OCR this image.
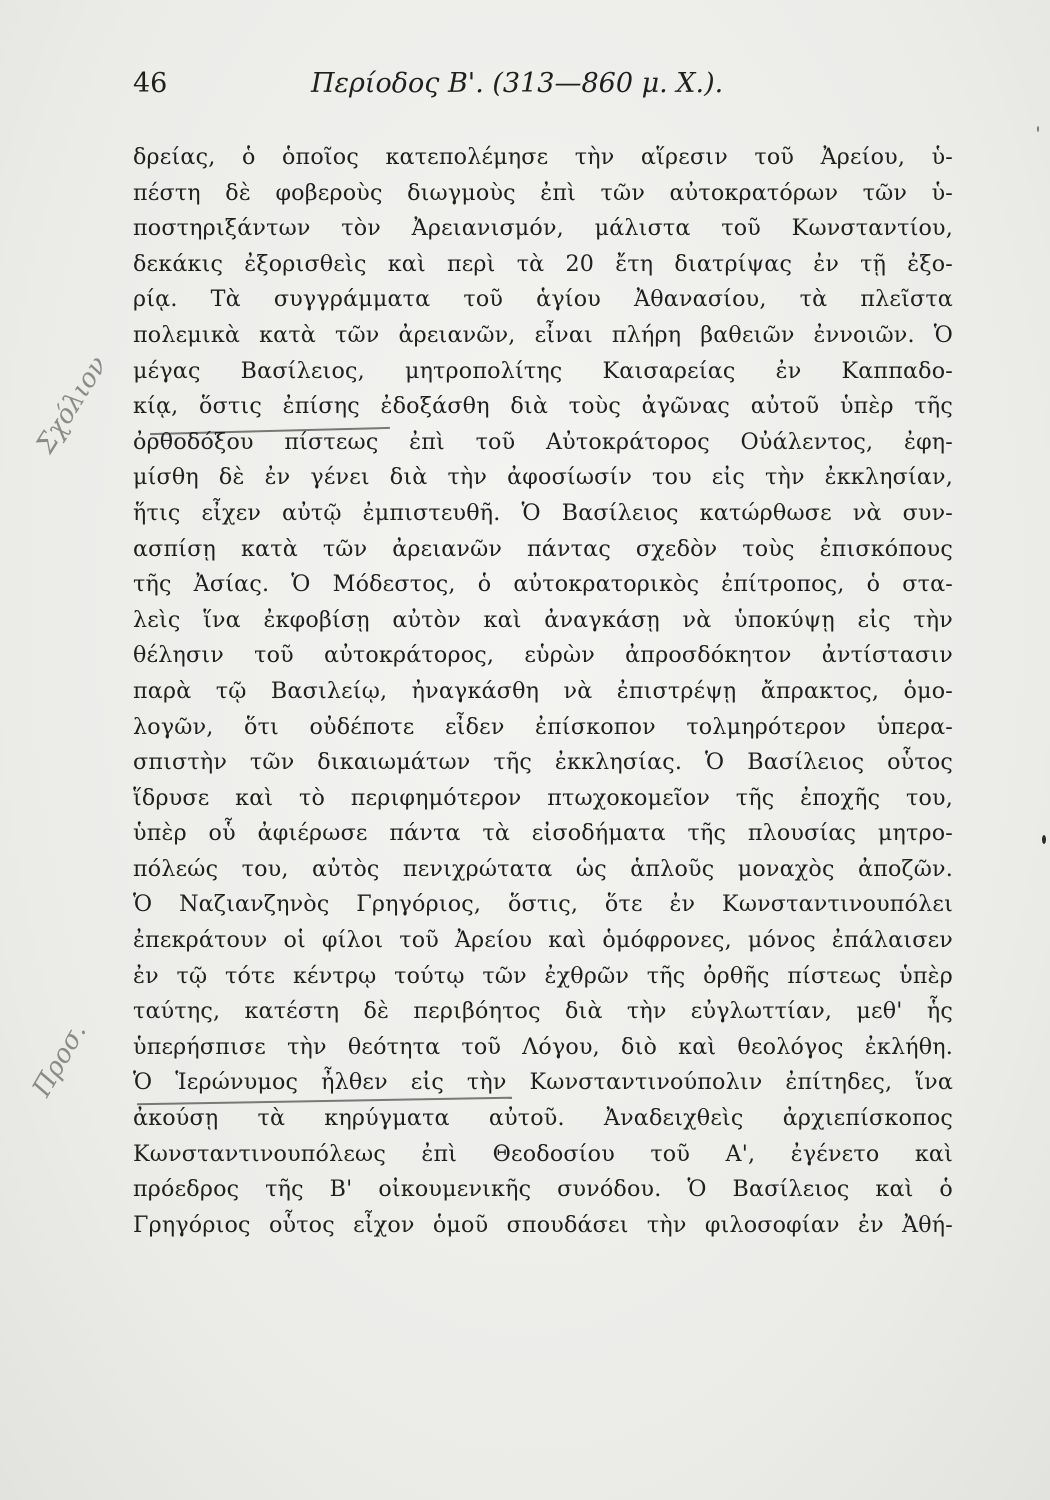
46	Περίοδος Β'. (313—860 μ. Χ.).
Σχόλιον
Προσ.
δρείας, ὁ ὁποῖος κατεπολέμησε τὴν αἵρεσιν τοῦ Ἀρείου, ὑ-
πέστη δὲ φοβεροὺς διωγμοὺς ἐπὶ τῶν αὐτοκρατόρων τῶν ὑ-
ποστηριξάντων τὸν Ἀρειανισμόν, μάλιστα τοῦ Κωνσταντίου,
δεκάκις ἐξορισθεὶς καὶ περὶ τὰ 20 ἔτη διατρίψας ἐν τῇ ἐξο-
ρίᾳ. Τὰ συγγράμματα τοῦ ἁγίου Ἀθανασίου, τὰ πλεῖστα
πολεμικὰ κατὰ τῶν ἀρειανῶν, εἶναι πλήρη βαθειῶν ἐννοιῶν. Ὁ
μέγας Βασίλειος, μητροπολίτης Καισαρείας ἐν Καππαδο-
κίᾳ, ὅστις ἐπίσης ἐδοξάσθη διὰ τοὺς ἀγῶνας αὐτοῦ ὑπὲρ τῆς
ὀρθοδόξου πίστεως ἐπὶ τοῦ Αὐτοκράτορος Οὐάλεντος, ἐφη-
μίσθη δὲ ἐν γένει διὰ τὴν ἀφοσίωσίν του εἰς τὴν ἐκκλησίαν,
ἥτις εἶχεν αὐτῷ ἐμπιστευθῆ. Ὁ Βασίλειος κατώρθωσε νὰ συν-
ασπίσῃ κατὰ τῶν ἀρειανῶν πάντας σχεδὸν τοὺς ἐπισκόπους
τῆς Ἀσίας. Ὁ Μόδεστος, ὁ αὐτοκρατορικὸς ἐπίτροπος, ὁ στα-
λεὶς ἵνα ἐκφοβίσῃ αὐτὸν καὶ ἀναγκάσῃ νὰ ὑποκύψῃ εἰς τὴν
θέλησιν τοῦ αὐτοκράτορος, εὑρὼν ἀπροσδόκητον ἀντίστασιν
παρὰ τῷ Βασιλείῳ, ἠναγκάσθη νὰ ἐπιστρέψῃ ἄπρακτος, ὁμο-
λογῶν, ὅτι οὐδέποτε εἶδεν ἐπίσκοπον τολμηρότερον ὑπερα-
σπιστὴν τῶν δικαιωμάτων τῆς ἐκκλησίας. Ὁ Βασίλειος οὗτος
ἵδρυσε καὶ τὸ περιφημότερον πτωχοκομεῖον τῆς ἐποχῆς του,
ὑπὲρ οὗ ἀφιέρωσε πάντα τὰ εἰσοδήματα τῆς πλουσίας μητρο-
πόλεώς του, αὐτὸς πενιχρώτατα ὡς ἁπλοῦς μοναχὸς ἀποζῶν.
Ὁ Ναζιανζηνὸς Γρηγόριος, ὅστις, ὅτε ἐν Κωνσταντινουπόλει
ἐπεκράτουν οἱ φίλοι τοῦ Ἀρείου καὶ ὁμόφρονες, μόνος ἐπάλαισεν
ἐν τῷ τότε κέντρῳ τούτῳ τῶν ἐχθρῶν τῆς ὀρθῆς πίστεως ὑπὲρ
ταύτης, κατέστη δὲ περιβόητος διὰ τὴν εὐγλωττίαν, μεθ' ἧς
ὑπερήσπισε τὴν θεότητα τοῦ Λόγου, διὸ καὶ θεολόγος ἐκλήθη.
Ὁ Ἱερώνυμος ἦλθεν εἰς τὴν Κωνσταντινούπολιν ἐπίτηδες, ἵνα
ἀκούσῃ τὰ κηρύγματα αὐτοῦ. Ἀναδειχθεὶς ἀρχιεπίσκοπος
Κωνσταντινουπόλεως ἐπὶ Θεοδοσίου τοῦ Α', ἐγένετο καὶ
πρόεδρος τῆς Β' οἰκουμενικῆς συνόδου. Ὁ Βασίλειος καὶ ὁ
Γρηγόριος οὗτος εἶχον ὁμοῦ σπουδάσει τὴν φιλοσοφίαν ἐν Ἀθή-
